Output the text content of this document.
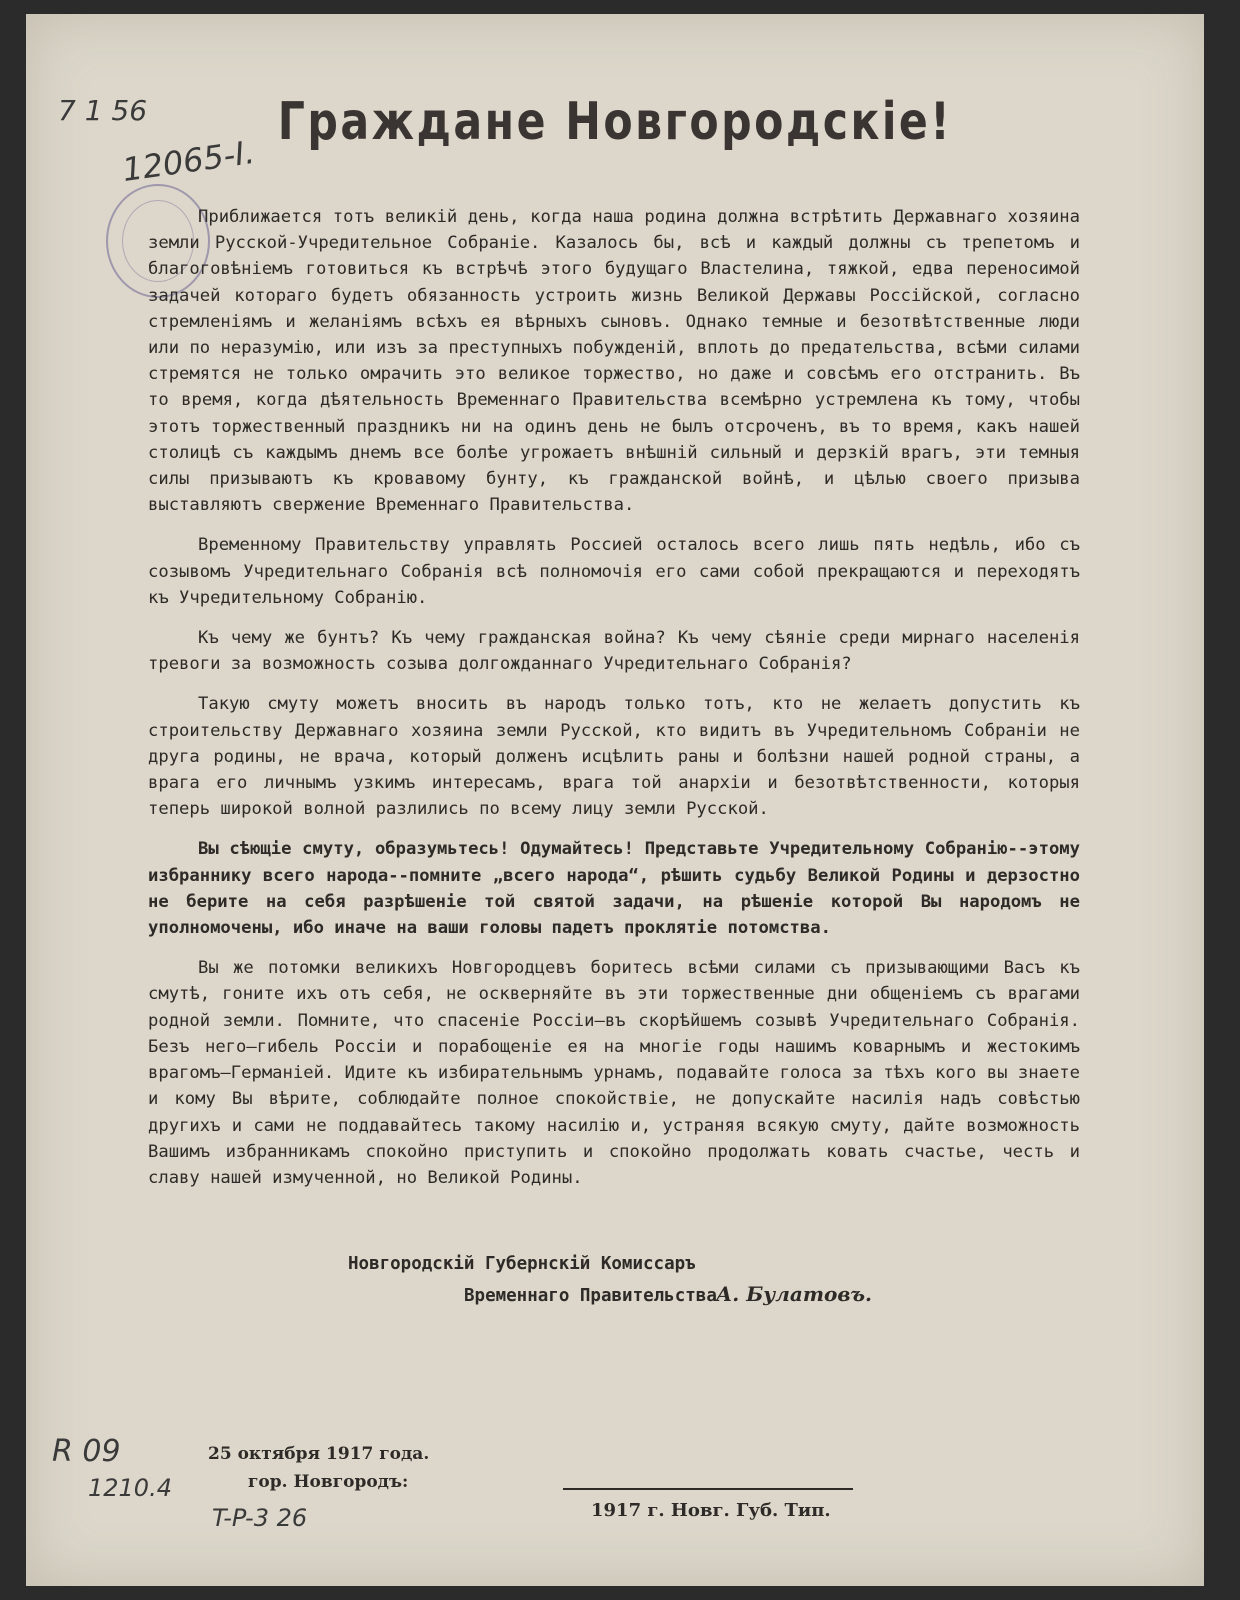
7 1 56
12065-I.
Граждане Новгородскіе!

Приближается тотъ великій день, когда наша родина должна встрѣтить Державнаго хозяина земли Русской-Учредительное Собраніе. Казалось бы, всѣ и каждый должны съ трепетомъ и благоговѣніемъ готовиться къ встрѣчѣ этого будущаго Властелина, тяжкой, едва переносимой задачей котораго будетъ обязанность устроить жизнь Великой Державы Россійской, согласно стремленіямъ и желаніямъ всѣхъ ея вѣрныхъ сыновъ. Однако темные и безотвѣтственные люди или по неразумію, или изъ за преступныхъ побужденій, вплоть до предательства, всѣми силами стремятся не только омрачить это великое торжество, но даже и совсѣмъ его отстранить. Въ то время, когда дѣятельность Временнаго Правительства всемѣрно устремлена къ тому, чтобы этотъ торжественный праздникъ ни на одинъ день не былъ отсроченъ, въ то время, какъ нашей столицѣ съ каждымъ днемъ все болѣе угрожаетъ внѣшній сильный и дерзкій врагъ, эти темныя силы призываютъ къ кровавому бунту, къ гражданской войнѣ, и цѣлью своего призыва выставляютъ свержение Временнаго Правительства.

Временному Правительству управлять Россией осталось всего лишь пять недѣль, ибо съ созывомъ Учредительнаго Собранія всѣ полномочія его сами собой прекращаются и переходятъ къ Учредительному Собранію.

Къ чему же бунтъ? Къ чему гражданская война? Къ чему сѣяніе среди мирнаго населенія тревоги за возможность созыва долгожданнаго Учредительнаго Собранія?

Такую смуту можетъ вносить въ народъ только тотъ, кто не желаетъ допустить къ строительству Державнаго хозяина земли Русской, кто видитъ въ Учредительномъ Собраніи не друга родины, не врача, который долженъ исцѣлить раны и болѣзни нашей родной страны, а врага его личнымъ узкимъ интересамъ, врага той анархіи и безотвѣтственности, которыя теперь широкой волной разлились по всему лицу земли Русской.

Вы сѣющіе смуту, образумьтесь! Одумайтесь! Представьте Учредительному Собранію--этому избраннику всего народа--помните „всего народа“, рѣшить судьбу Великой Родины и дерзостно не берите на себя разрѣшеніе той святой задачи, на рѣшеніе которой Вы народомъ не уполномочены, ибо иначе на ваши головы падетъ проклятіе потомства.

Вы же потомки великихъ Новгородцевъ боритесь всѣми силами съ призывающими Васъ къ смутѣ, гоните ихъ отъ себя, не оскверняйте въ эти торжественные дни общеніемъ съ врагами родной земли. Помните, что спасеніе Россіи—въ скорѣйшемъ созывѣ Учредительнаго Собранія. Безъ него—гибель Россіи и порабощеніе ея на многіе годы нашимъ коварнымъ и жестокимъ врагомъ—Германіей. Идите къ избирательнымъ урнамъ, подавайте голоса за тѣхъ кого вы знаете и кому Вы вѣрите, соблюдайте полное спокойствіе, не допускайте насилія надъ совѣстью другихъ и сами не поддавайтесь такому насилію и, устраняя всякую смуту, дайте возможность Вашимъ избранникамъ спокойно приступить и спокойно продолжать ковать счастье, честь и славу нашей измученной, но Великой Родины.

Новгородскій Губернскій Комиссаръ
Временнаго Правительства А. Булатовъ.
25 октября 1917 года.
гор. Новгородъ:
1917 г. Новг. Губ. Тип.
R 09
1210.4
T-P-3 26
